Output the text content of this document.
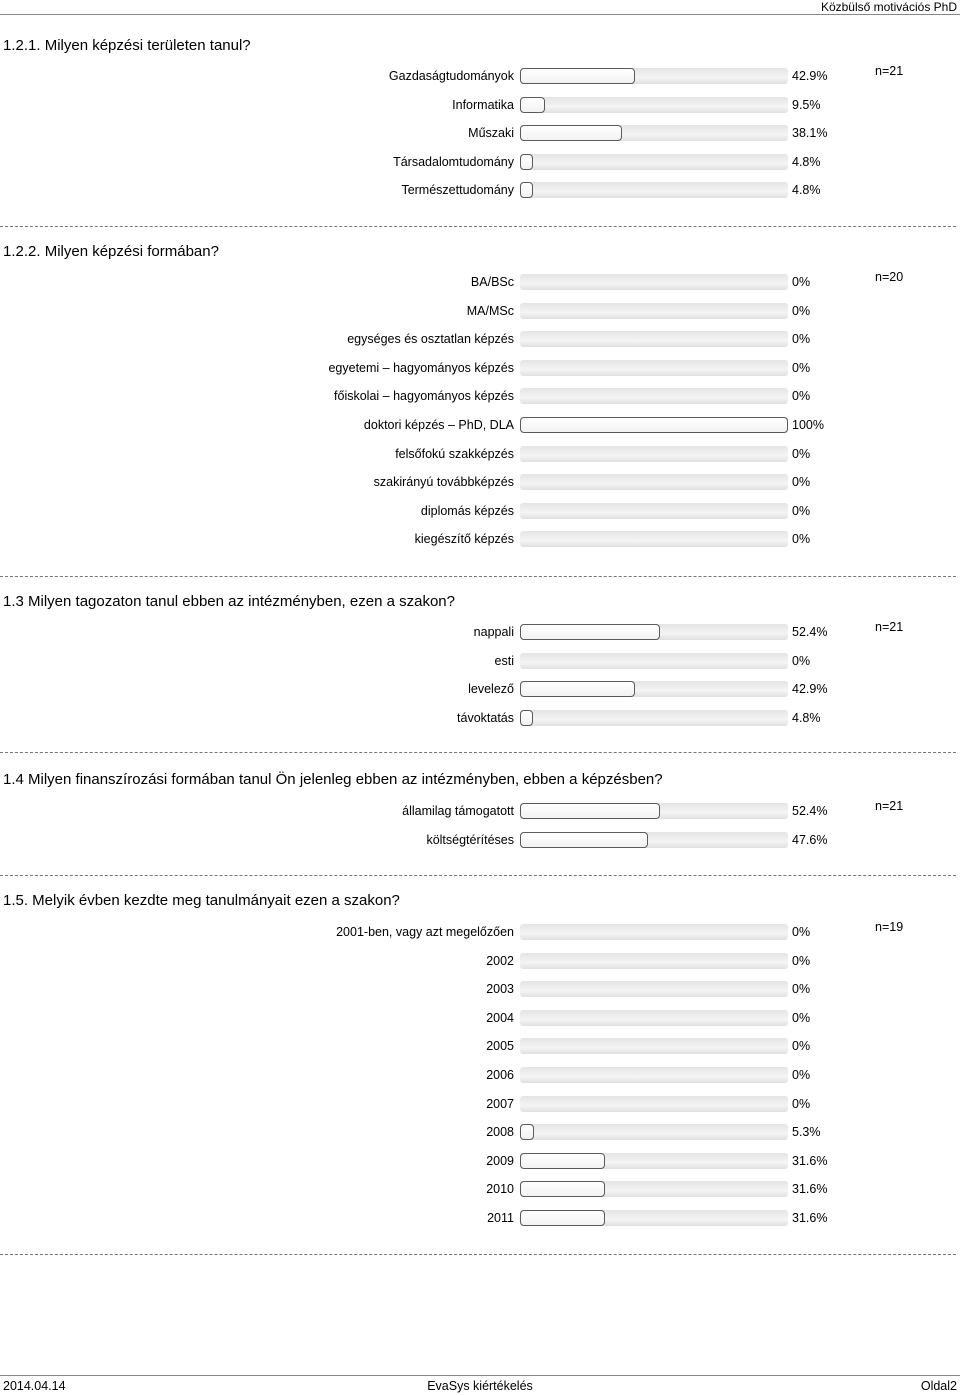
Közbülső motivációs PhD
1.2.1. Milyen képzési területen tanul?
n=21
Gazdaságtudományok	42.9%
Informatika	9.5%
Műszaki	38.1%
Társadalomtudomány	4.8%
Természettudomány	4.8%
1.2.2. Milyen képzési formában?
n=20
BA/BSc	0%
MA/MSc	0%
egységes és osztatlan képzés	0%
egyetemi – hagyományos képzés	0%
főiskolai – hagyományos képzés	0%
doktori képzés – PhD, DLA	100%
felsőfokú szakképzés	0%
szakirányú továbbképzés	0%
diplomás képzés	0%
kiegészítő képzés	0%
1.3 Milyen tagozaton tanul ebben az intézményben, ezen a szakon?
n=21
nappali	52.4%
esti	0%
levelező	42.9%
távoktatás	4.8%
1.4 Milyen finanszírozási formában tanul Ön jelenleg ebben az intézményben, ebben a képzésben?
n=21
államilag támogatott	52.4%
költségtérítéses	47.6%
1.5. Melyik évben kezdte meg tanulmányait ezen a szakon?
n=19
2001-ben, vagy azt megelőzően	0%
2002	0%
2003	0%
2004	0%
2005	0%
2006	0%
2007	0%
2008	5.3%
2009	31.6%
2010	31.6%
2011	31.6%
2014.04.14	EvaSys kiértékelés	Oldal2
